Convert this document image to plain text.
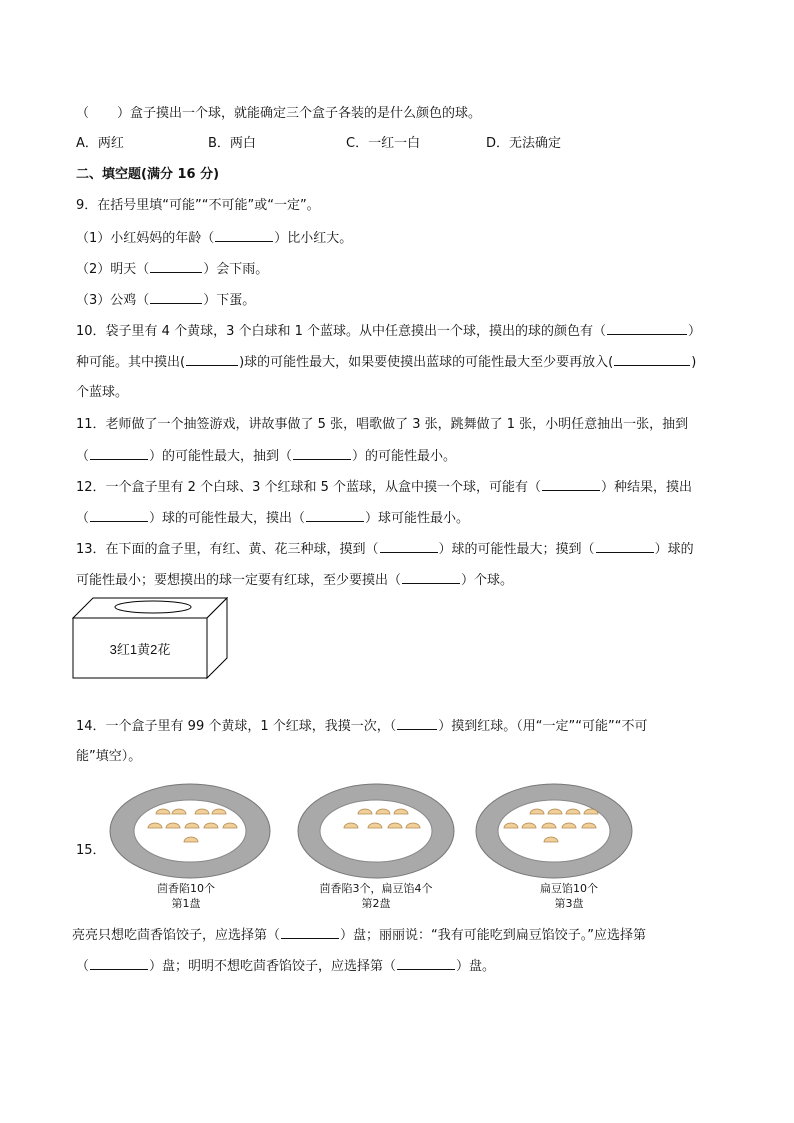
（ ）盒子摸出一个球，就能确定三个盒子各装的是什么颜色的球。
A．两红	B．两白	C．一红一白	D．无法确定
二、填空题(满分 16 分)
9．在括号里填“可能”“不可能”或“一定”。
（1）小红妈妈的年龄（	）比小红大。
（2）明天（	）会下雨。
（3）公鸡（	）下蛋。
10．袋子里有 4 个黄球，3 个白球和 1 个蓝球。从中任意摸出一个球，摸出的球的颜色有（	）
种可能。其中摸出(	)球的可能性最大，如果要使摸出蓝球的可能性最大至少要再放入(	)
个蓝球。
11．老师做了一个抽签游戏，讲故事做了 5 张，唱歌做了 3 张，跳舞做了 1 张，小明任意抽出一张，抽到
（	）的可能性最大，抽到（	）的可能性最小。
12．一个盒子里有 2 个白球、3 个红球和 5 个蓝球，从盒中摸一个球，可能有（	）种结果，摸出
（	）球的可能性最大，摸出（	）球可能性最小。
13．在下面的盒子里，有红、黄、花三种球，摸到（	）球的可能性最大；摸到（	）球的
可能性最小；要想摸出的球一定要有红球，至少要摸出（	）个球。
3红1黄2花
14．一个盒子里有 99 个黄球，1 个红球，我摸一次，（	）摸到红球。（用“一定”“可能”“不可
能”填空）。
15．
茴香陷10个
第1盘
茴香陷3个，扁豆馅4个
第2盘
扁豆馅10个
第3盘
亮亮只想吃茴香馅饺子，应选择第（	）盘；丽丽说：“我有可能吃到扁豆馅饺子。”应选择第
（	）盘；明明不想吃茴香馅饺子，应选择第（	）盘。
